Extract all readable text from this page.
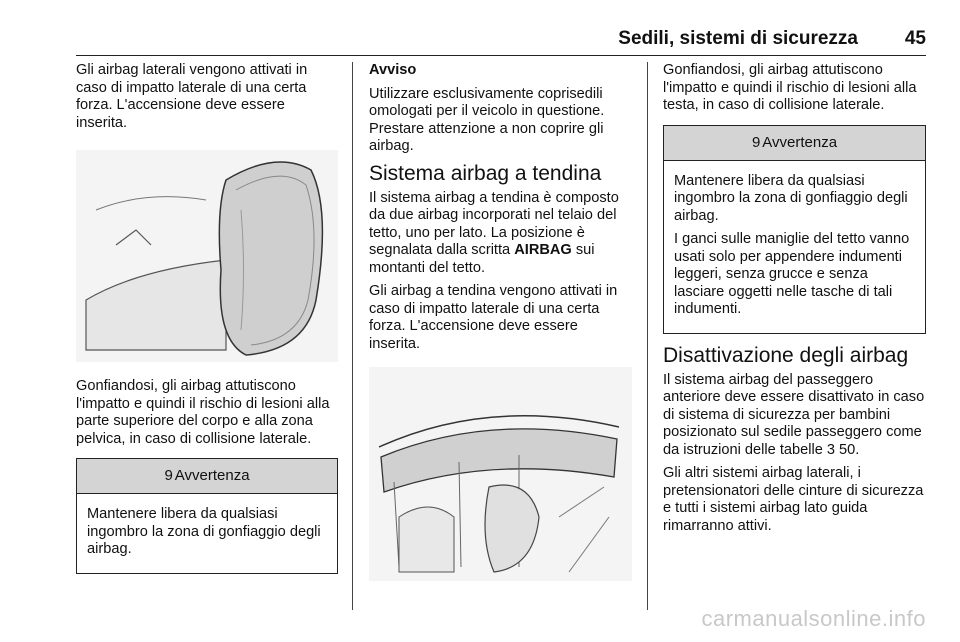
Sedili, sistemi di sicurezza 45

Gli airbag laterali vengono attivati in caso di impatto laterale di una certa forza. L'accensione deve essere inserita.

Gonfiandosi, gli airbag attutiscono l'impatto e quindi il rischio di lesioni alla parte superiore del corpo e alla zona pelvica, in caso di collisione laterale.

9 Avvertenza

Mantenere libera da qualsiasi ingombro la zona di gonfiaggio degli airbag.

Avviso

Utilizzare esclusivamente coprisedili omologati per il veicolo in questione. Prestare attenzione a non coprire gli airbag.

Sistema airbag a tendina

Il sistema airbag a tendina è composto da due airbag incorporati nel telaio del tetto, uno per lato. La posizione è segnalata dalla scritta AIRBAG sui montanti del tetto.

Gli airbag a tendina vengono attivati in caso di impatto laterale di una certa forza. L'accensione deve essere inserita.

Gonfiandosi, gli airbag attutiscono l'impatto e quindi il rischio di lesioni alla testa, in caso di collisione laterale.

9 Avvertenza

Mantenere libera da qualsiasi ingombro la zona di gonfiaggio degli airbag.

I ganci sulle maniglie del tetto vanno usati solo per appendere indumenti leggeri, senza grucce e senza lasciare oggetti nelle tasche di tali indumenti.

Disattivazione degli airbag

Il sistema airbag del passeggero anteriore deve essere disattivato in caso di sistema di sicurezza per bambini posizionato sul sedile passeggero come da istruzioni delle tabelle 3 50.

Gli altri sistemi airbag laterali, i pretensionatori delle cinture di sicurezza e tutti i sistemi airbag lato guida rimarranno attivi.

carmanualsonline.info
